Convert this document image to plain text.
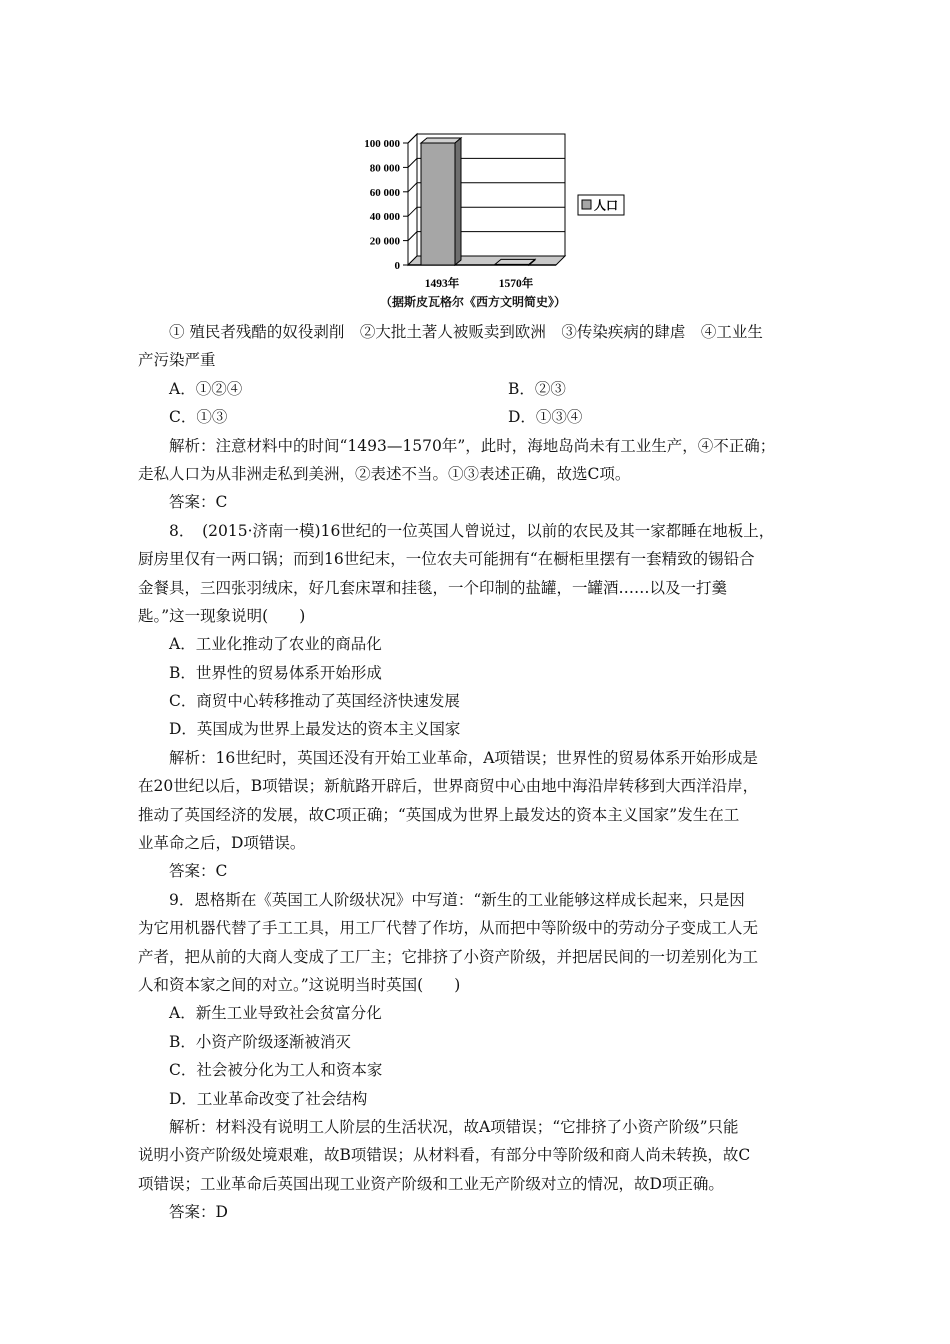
100 000
80 000
60 000
40 000
20 000
0
1493年	1570年
人口
（据斯皮瓦格尔《西方文明简史》）
① 殖民者残酷的奴役剥削　②大批土著人被贩卖到欧洲　③传染疾病的肆虐　④工业生
产污染严重
A．①②④	B．②③
C．①③	D．①③④
解析：注意材料中的时间“1493—1570年”，此时，海地岛尚未有工业生产，④不正确；
走私人口为从非洲走私到美洲，②表述不当。①③表述正确，故选C项。
答案：C
8．　(2015·济南一模)16世纪的一位英国人曾说过，以前的农民及其一家都睡在地板上，
厨房里仅有一两口锅；而到16世纪末，一位农夫可能拥有“在橱柜里摆有一套精致的锡铅合
金餐具，三四张羽绒床，好几套床罩和挂毯，一个印制的盐罐，一罐酒……以及一打羹
匙。”这一现象说明(　　)
A．工业化推动了农业的商品化
B．世界性的贸易体系开始形成
C．商贸中心转移推动了英国经济快速发展
D．英国成为世界上最发达的资本主义国家
解析：16世纪时，英国还没有开始工业革命，A项错误；世界性的贸易体系开始形成是
在20世纪以后，B项错误；新航路开辟后，世界商贸中心由地中海沿岸转移到大西洋沿岸，
推动了英国经济的发展，故C项正确；“英国成为世界上最发达的资本主义国家”发生在工
业革命之后，D项错误。
答案：C
9．恩格斯在《英国工人阶级状况》中写道：“新生的工业能够这样成长起来，只是因
为它用机器代替了手工工具，用工厂代替了作坊，从而把中等阶级中的劳动分子变成工人无
产者，把从前的大商人变成了工厂主；它排挤了小资产阶级，并把居民间的一切差别化为工
人和资本家之间的对立。”这说明当时英国(　　)
A．新生工业导致社会贫富分化
B．小资产阶级逐渐被消灭
C．社会被分化为工人和资本家
D．工业革命改变了社会结构
解析：材料没有说明工人阶层的生活状况，故A项错误；“它排挤了小资产阶级”只能
说明小资产阶级处境艰难，故B项错误；从材料看，有部分中等阶级和商人尚未转换，故C
项错误；工业革命后英国出现工业资产阶级和工业无产阶级对立的情况，故D项正确。
答案：D
